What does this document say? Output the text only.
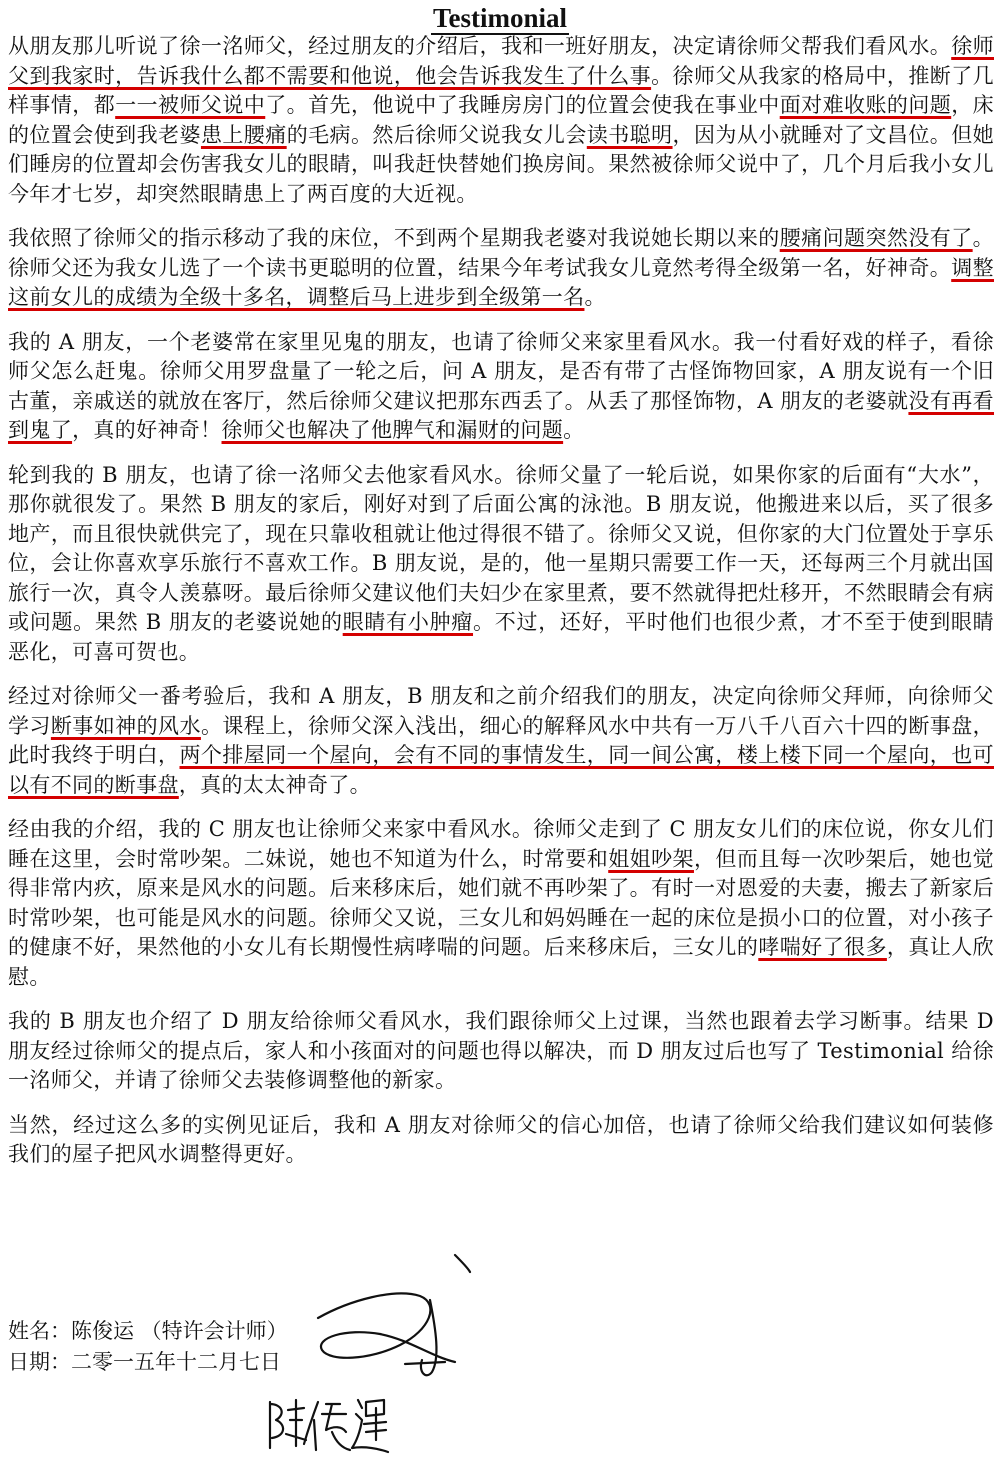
Testimonial

从朋友那儿听说了徐一洺师父，经过朋友的介绍后，我和一班好朋友，决定请徐师父帮我们看风水。徐师父到我家时，告诉我什么都不需要和他说，他会告诉我发生了什么事。徐师父从我家的格局中，推断了几样事情，都一一被师父说中了。首先，他说中了我睡房房门的位置会使我在事业中面对难收账的问题，床的位置会使到我老婆患上腰痛的毛病。然后徐师父说我女儿会读书聪明，因为从小就睡对了文昌位。但她们睡房的位置却会伤害我女儿的眼睛，叫我赶快替她们换房间。果然被徐师父说中了，几个月后我小女儿今年才七岁，却突然眼睛患上了两百度的大近视。

我依照了徐师父的指示移动了我的床位，不到两个星期我老婆对我说她长期以来的腰痛问题突然没有了。徐师父还为我女儿选了一个读书更聪明的位置，结果今年考试我女儿竟然考得全级第一名，好神奇。调整这前女儿的成绩为全级十多名，调整后马上进步到全级第一名。

我的 A 朋友，一个老婆常在家里见鬼的朋友，也请了徐师父来家里看风水。我一付看好戏的样子，看徐师父怎么赶鬼。徐师父用罗盘量了一轮之后，问 A 朋友，是否有带了古怪饰物回家，A 朋友说有一个旧古董，亲戚送的就放在客厅，然后徐师父建议把那东西丢了。从丢了那怪饰物，A 朋友的老婆就没有再看到鬼了，真的好神奇！徐师父也解决了他脾气和漏财的问题。

轮到我的 B 朋友，也请了徐一洺师父去他家看风水。徐师父量了一轮后说，如果你家的后面有“大水”，那你就很发了。果然 B 朋友的家后，刚好对到了后面公寓的泳池。B 朋友说，他搬进来以后，买了很多地产，而且很快就供完了，现在只靠收租就让他过得很不错了。徐师父又说，但你家的大门位置处于享乐位，会让你喜欢享乐旅行不喜欢工作。B 朋友说，是的，他一星期只需要工作一天，还每两三个月就出国旅行一次，真令人羡慕呀。最后徐师父建议他们夫妇少在家里煮，要不然就得把灶移开，不然眼睛会有病或问题。果然 B 朋友的老婆说她的眼睛有小肿瘤。不过，还好，平时他们也很少煮，才不至于使到眼睛恶化，可喜可贺也。

经过对徐师父一番考验后，我和 A 朋友，B 朋友和之前介绍我们的朋友，决定向徐师父拜师，向徐师父学习断事如神的风水。课程上，徐师父深入浅出，细心的解释风水中共有一万八千八百六十四的断事盘，此时我终于明白，两个排屋同一个屋向，会有不同的事情发生，同一间公寓，楼上楼下同一个屋向，也可以有不同的断事盘，真的太太神奇了。

经由我的介绍，我的 C 朋友也让徐师父来家中看风水。徐师父走到了 C 朋友女儿们的床位说，你女儿们睡在这里，会时常吵架。二妹说，她也不知道为什么，时常要和姐姐吵架，但而且每一次吵架后，她也觉得非常内疚，原来是风水的问题。后来移床后，她们就不再吵架了。有时一对恩爱的夫妻，搬去了新家后时常吵架，也可能是风水的问题。徐师父又说，三女儿和妈妈睡在一起的床位是损小口的位置，对小孩子的健康不好，果然他的小女儿有长期慢性病哮喘的问题。后来移床后，三女儿的哮喘好了很多，真让人欣慰。

我的 B 朋友也介绍了 D 朋友给徐师父看风水，我们跟徐师父上过课，当然也跟着去学习断事。结果 D 朋友经过徐师父的提点后，家人和小孩面对的问题也得以解决，而 D 朋友过后也写了 Testimonial 给徐一洺师父，并请了徐师父去装修调整他的新家。

当然，经过这么多的实例见证后，我和 A 朋友对徐师父的信心加倍，也请了徐师父给我们建议如何装修我们的屋子把风水调整得更好。

姓名：陈俊运 （特许会计师）
日期：二零一五年十二月七日
